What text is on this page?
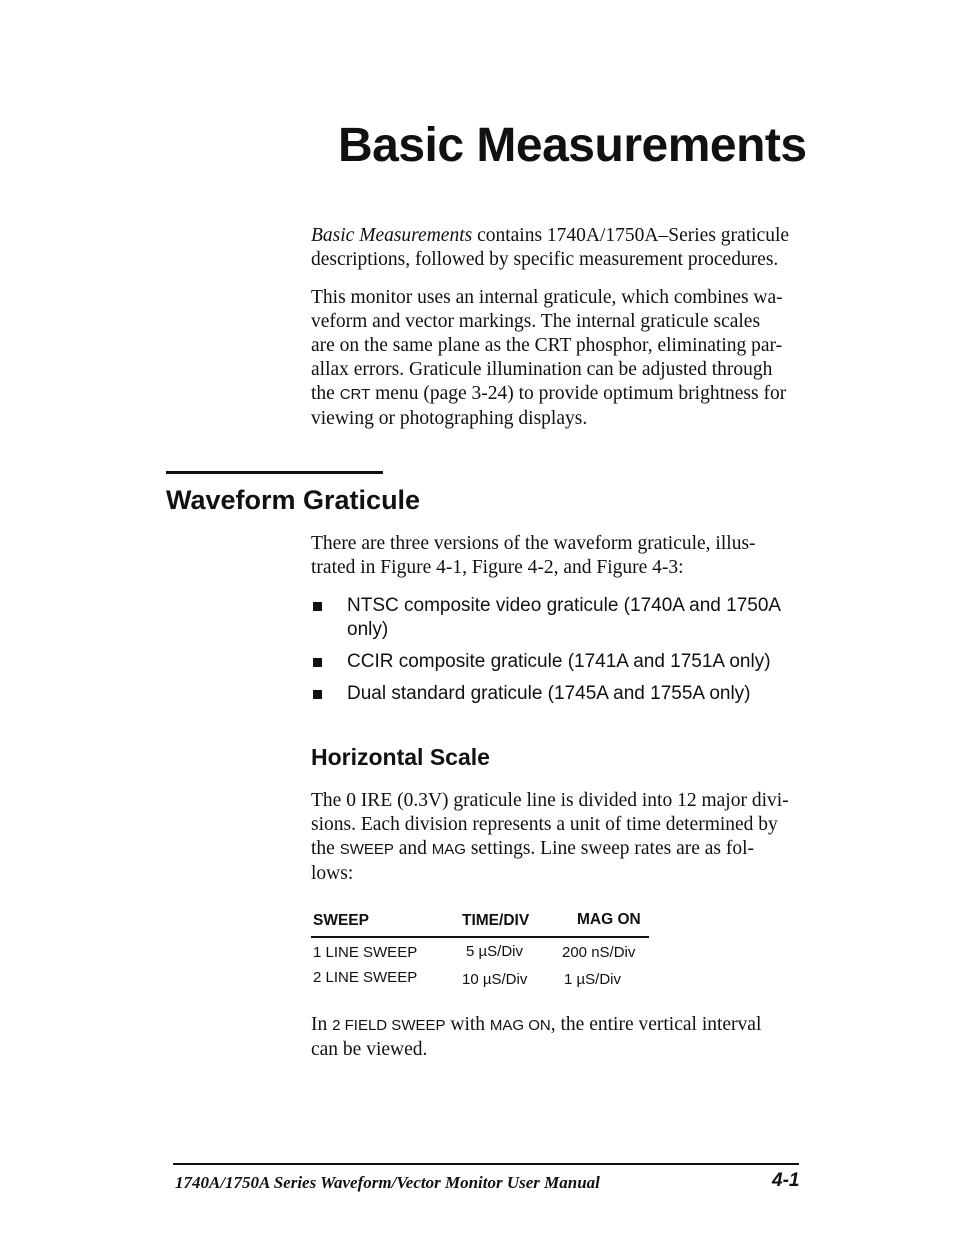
Basic Measurements
Basic Measurements contains 1740A/1750A–Series graticule
descriptions, followed by specific measurement procedures.
This monitor uses an internal graticule, which combines wa-
veform and vector markings. The internal graticule scales
are on the same plane as the CRT phosphor, eliminating par-
allax errors. Graticule illumination can be adjusted through
the CRT menu (page 3-24) to provide optimum brightness for
viewing or photographing displays.
Waveform Graticule
There are three versions of the waveform graticule, illus-
trated in Figure 4-1, Figure 4-2, and Figure 4-3:
NTSC composite video graticule (1740A and 1750A
only)
CCIR composite graticule (1741A and 1751A only)
Dual standard graticule (1745A and 1755A only)
Horizontal Scale
The 0 IRE (0.3V) graticule line is divided into 12 major divi-
sions. Each division represents a unit of time determined by
the SWEEP and MAG settings. Line sweep rates are as fol-
lows:
SWEEP	TIME/DIV	MAG ON
1 LINE SWEEP	5 µS/Div	200 nS/Div
2 LINE SWEEP	10 µS/Div 1 µS/Div
In 2 FIELD SWEEP with MAG ON, the entire vertical interval
can be viewed.
1740A/1750A Series Waveform/Vector Monitor User Manual	4-1
